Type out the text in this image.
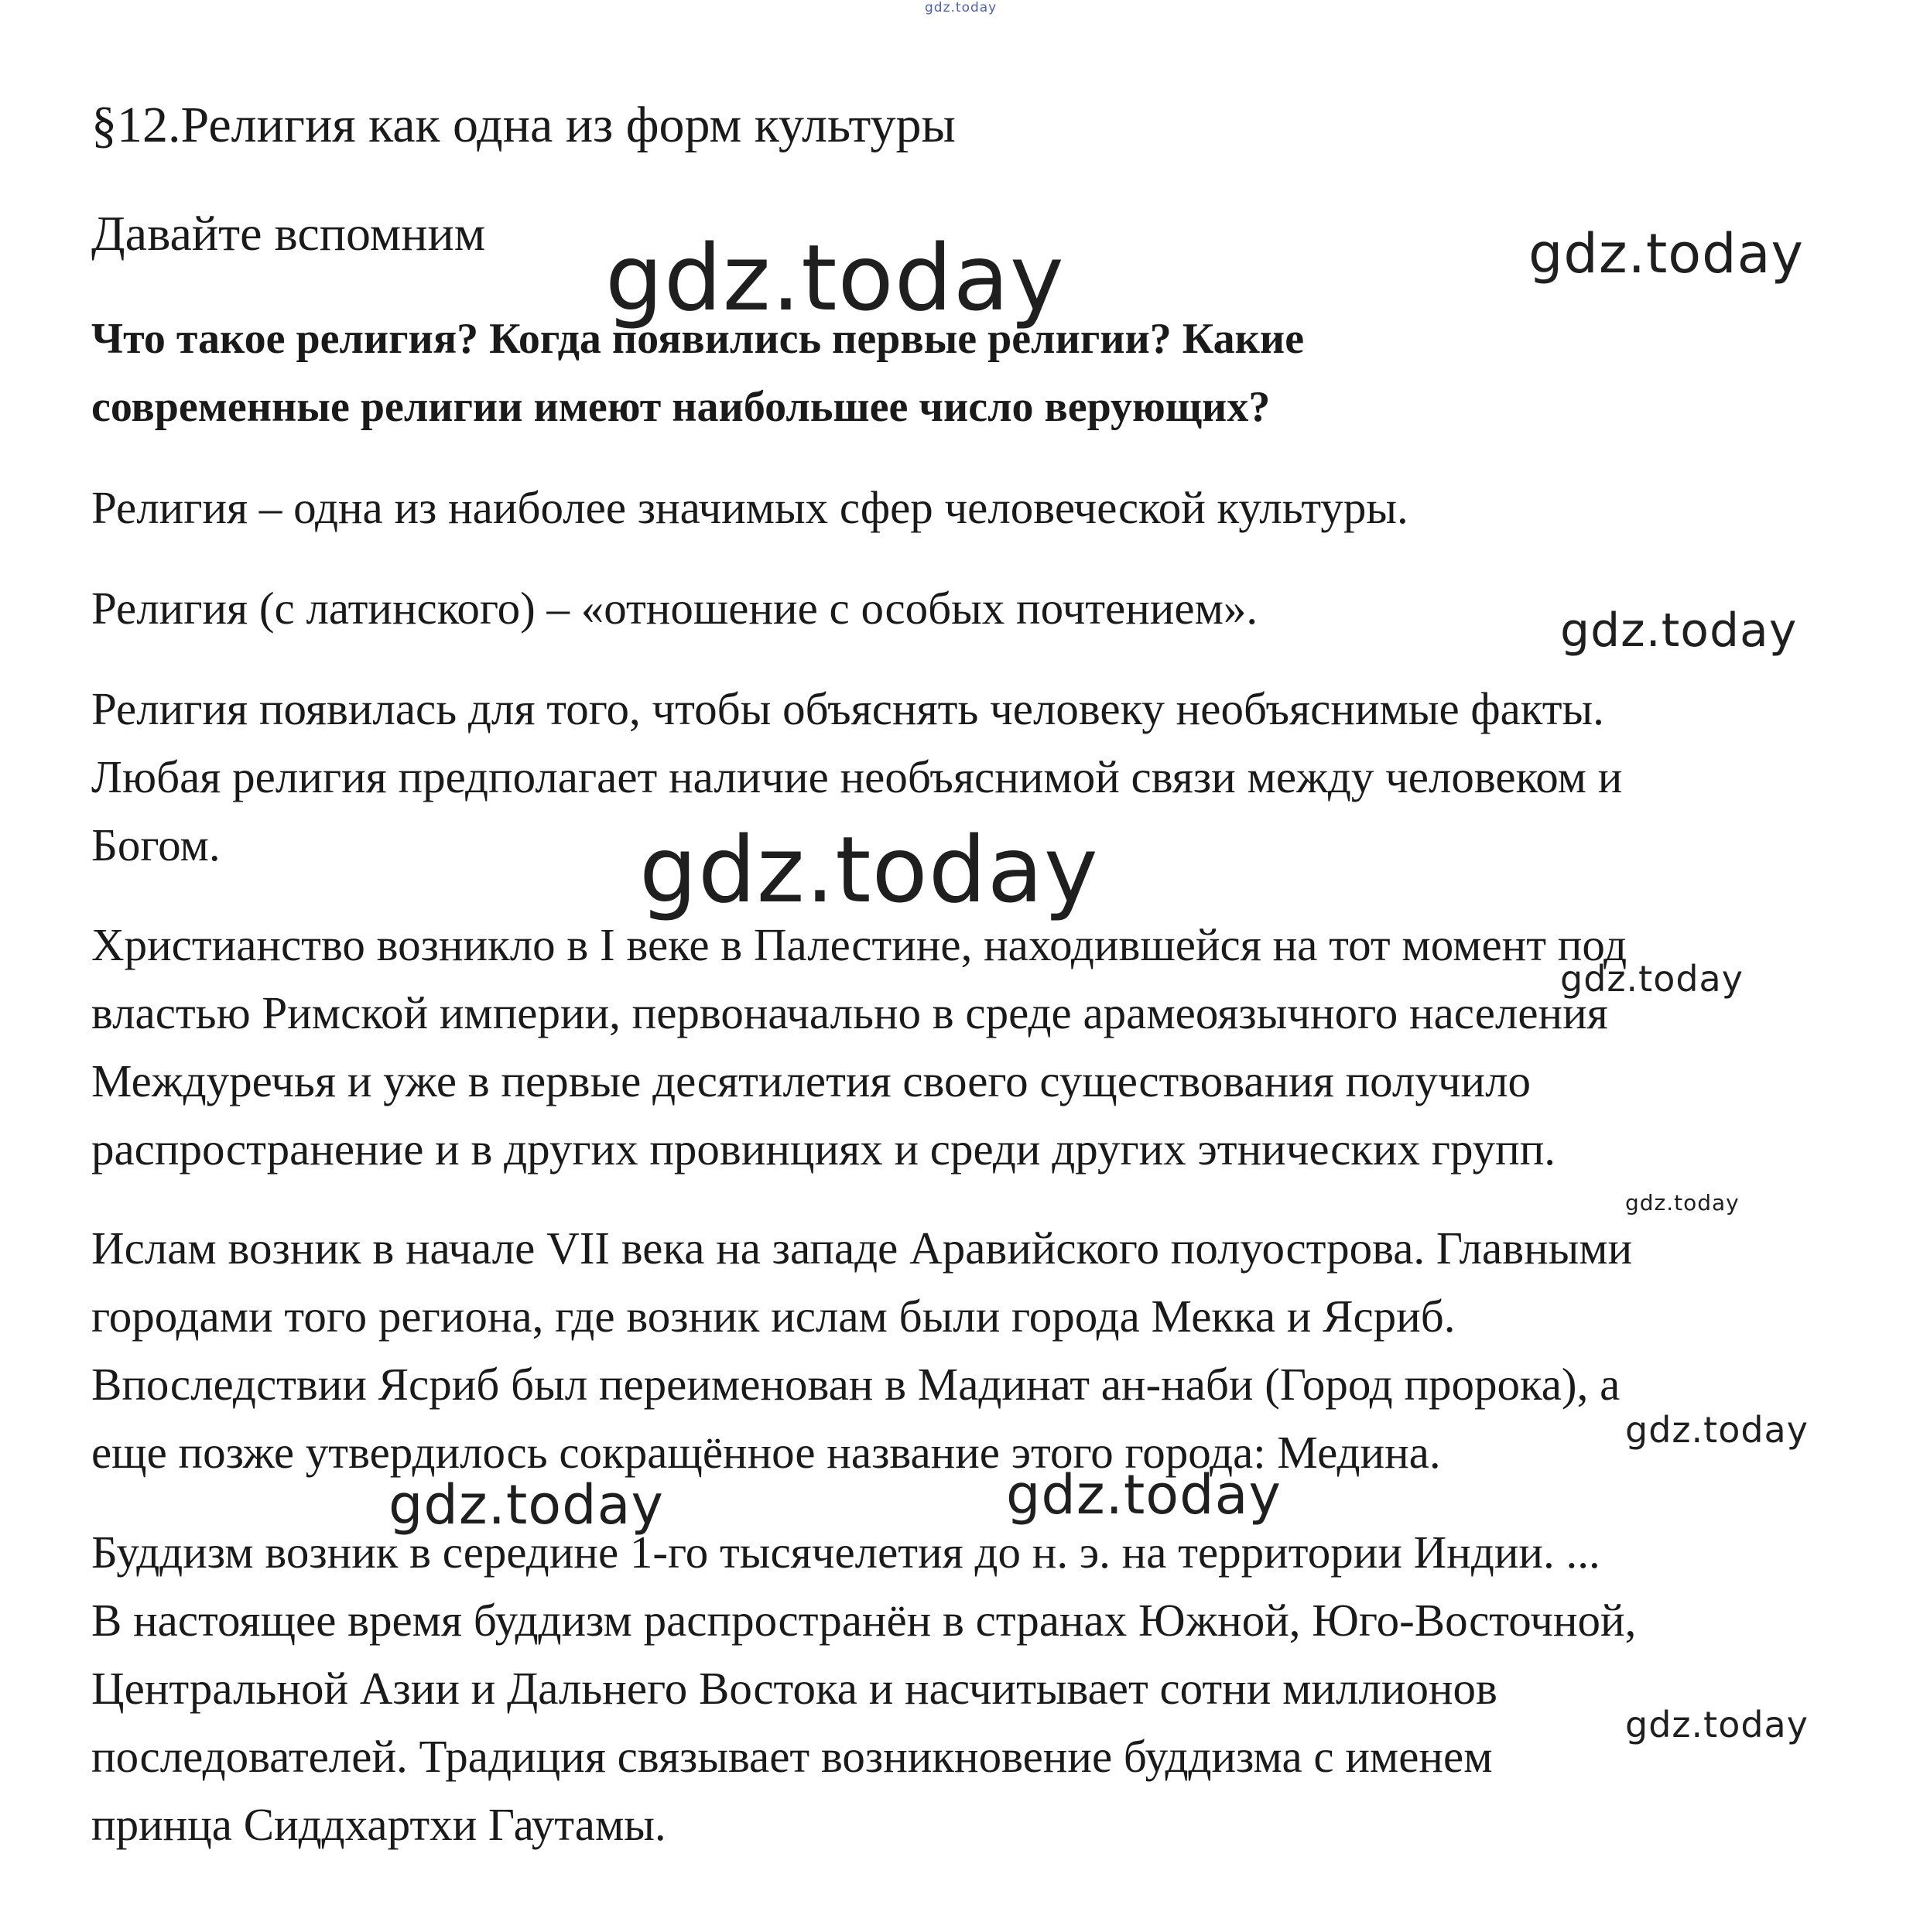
gdz.today
§12.Религия как одна из форм культуры
Давайте вспомним

Что такое религия? Когда появились первые религии? Какие
современные религии имеют наибольшее число верующих?

Религия – одна из наиболее значимых сфер человеческой культуры.

Религия (с латинского) – «отношение с особых почтением».

Религия появилась для того, чтобы объяснять человеку необъяснимые факты.
Любая религия предполагает наличие необъяснимой связи между человеком и
Богом.

Христианство возникло в I веке в Палестине, находившейся на тот момент под
властью Римской империи, первоначально в среде арамеоязычного населения
Междуречья и уже в первые десятилетия своего существования получило
распространение и в других провинциях и среди других этнических групп.

Ислам возник в начале VII века на западе Аравийского полуострова. Главными
городами того региона, где возник ислам были города Мекка и Ясриб.
Впоследствии Ясриб был переименован в Мадинат ан-наби (Город пророка), а
еще позже утвердилось сокращённое название этого города: Медина.

Буддизм возник в середине 1-го тысячелетия до н. э. на территории Индии. ...
В настоящее время буддизм распространён в странах Южной, Юго-Восточной,
Центральной Азии и Дальнего Востока и насчитывает сотни миллионов
последователей. Традиция связывает возникновение буддизма с именем
принца Сиддхартхи Гаутамы.

gdz.today	gdz.today
gdz.today
gdz.today
gdz.today
gdz.today
gdz.today
gdz.today	gdz.today
gdz.today
